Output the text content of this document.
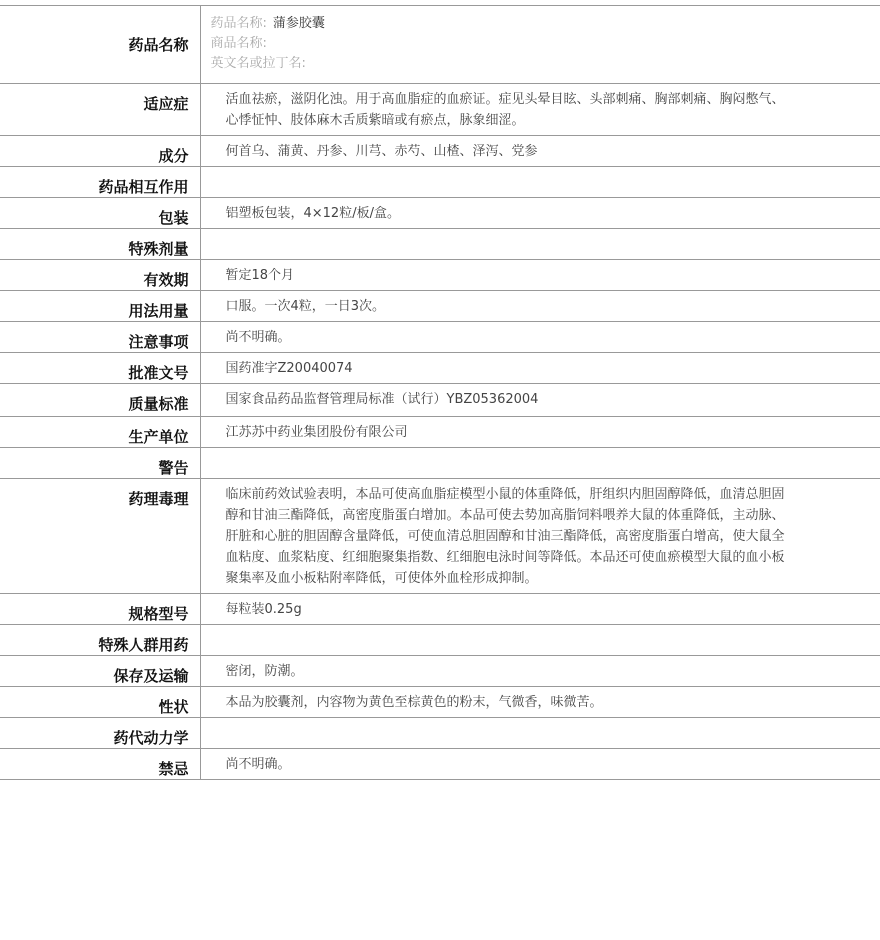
药品名称	药品名称: 蒲参胶囊
商品名称:
英文名或拉丁名:

适应症	活血祛瘀，滋阴化浊。用于高血脂症的血瘀证。症见头晕目眩、头部刺痛、胸部刺痛、胸闷憋气、心悸怔忡、肢体麻木舌质紫暗或有瘀点，脉象细涩。
成分	何首乌、蒲黄、丹参、川芎、赤芍、山楂、泽泻、党参
药品相互作用	
包装	铝塑板包装，4×12粒/板/盒。
特殊剂量	
有效期	暂定18个月
用法用量	口服。一次4粒，一日3次。
注意事项	尚不明确。
批准文号	国药准字Z20040074
质量标准	国家食品药品监督管理局标准（试行）YBZ05362004
生产单位	江苏苏中药业集团股份有限公司
警告	
药理毒理	临床前药效试验表明，本品可使高血脂症模型小鼠的体重降低，肝组织内胆固醇降低，血清总胆固醇和甘油三酯降低，高密度脂蛋白增加。本品可使去势加高脂饲料喂养大鼠的体重降低，主动脉、肝脏和心脏的胆固醇含量降低，可使血清总胆固醇和甘油三酯降低，高密度脂蛋白增高，使大鼠全血粘度、血浆粘度、红细胞聚集指数、红细胞电泳时间等降低。本品还可使血瘀模型大鼠的血小板聚集率及血小板粘附率降低，可使体外血栓形成抑制。
规格型号	每粒装0.25g
特殊人群用药	
保存及运输	密闭，防潮。
性状	本品为胶囊剂，内容物为黄色至棕黄色的粉末，气微香，味微苦。
药代动力学	
禁忌	尚不明确。
